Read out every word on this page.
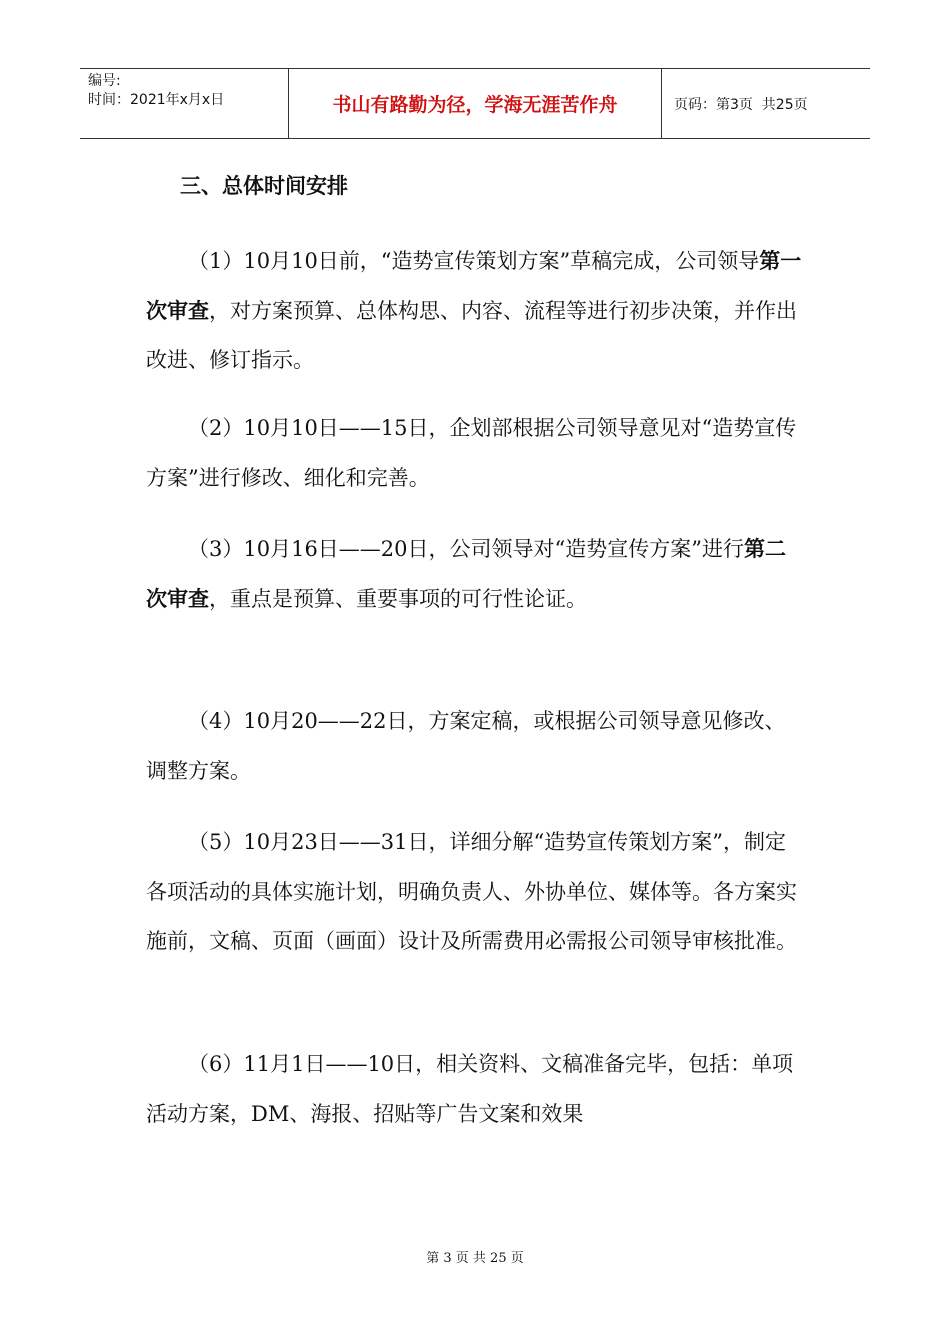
编号:
时间：2021年x月x日	书山有路勤为径，学海无涯苦作舟	页码：第3页  共25页
三、总体时间安排

（1）10月10日前，“造势宣传策划方案”草稿完成，公司领导第一次审查，对方案预算、总体构思、内容、流程等进行初步决策，并作出改进、修订指示。

（2）10月10日——15日，企划部根据公司领导意见对“造势宣传方案”进行修改、细化和完善。

（3）10月16日——20日，公司领导对“造势宣传方案”进行第二次审查，重点是预算、重要事项的可行性论证。

（4）10月20——22日，方案定稿，或根据公司领导意见修改、调整方案。

（5）10月23日——31日，详细分解“造势宣传策划方案”，制定各项活动的具体实施计划，明确负责人、外协单位、媒体等。各方案实施前，文稿、页面（画面）设计及所需费用必需报公司领导审核批准。

（6）11月1日——10日，相关资料、文稿准备完毕，包括：单项活动方案，DM、海报、招贴等广告文案和效果

第 3 页 共 25 页
